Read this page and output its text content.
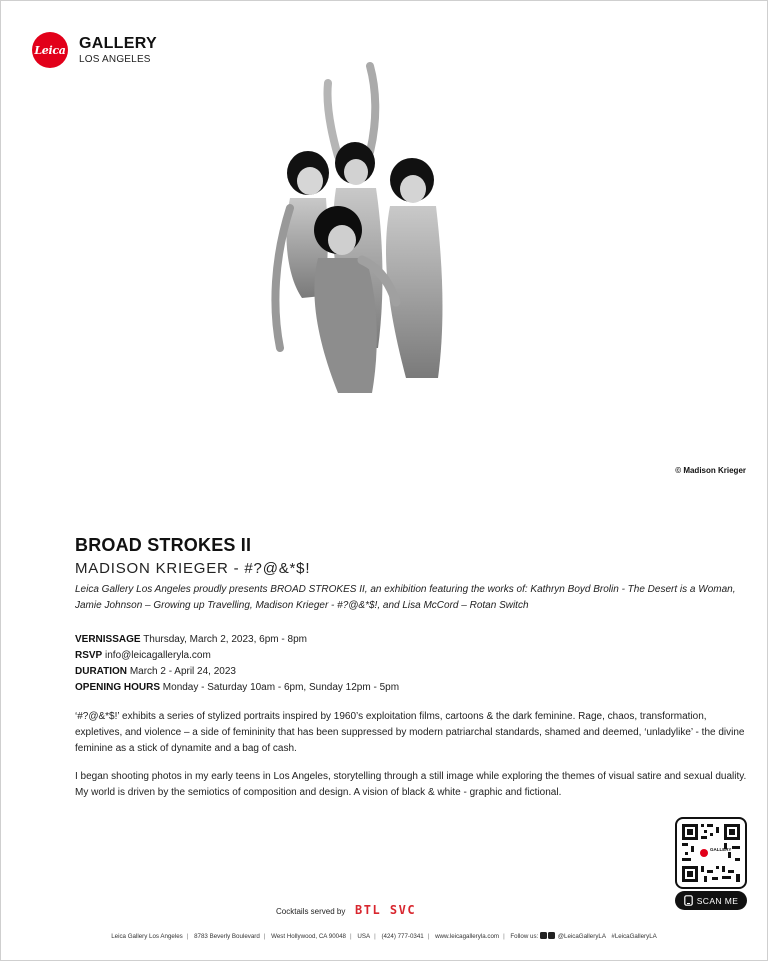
Leica GALLERY
LOS ANGELES
© Madison Krieger
BROAD STROKES II
MADISON KRIEGER - #?@&*$!
Leica Gallery Los Angeles proudly presents BROAD STROKES II, an exhibition featuring the works of: Kathryn Boyd Brolin - The Desert is a Woman, Jamie Johnson – Growing up Travelling, Madison Krieger - #?@&*$!, and Lisa McCord – Rotan Switch
VERNISSAGE Thursday, March 2, 2023, 6pm - 8pm
RSVP info@leicagalleryla.com
DURATION March 2 - April 24, 2023
OPENING HOURS Monday - Saturday 10am - 6pm, Sunday 12pm - 5pm
‘#?@&*$!’ exhibits a series of stylized portraits inspired by 1960’s exploitation films, cartoons & the dark feminine. Rage, chaos, transformation, expletives, and violence – a side of femininity that has been suppressed by modern patriarchal standards, shamed and deemed, ‘unladylike’ - the divine feminine as a stick of dynamite and a bag of cash.
I began shooting photos in my early teens in Los Angeles, storytelling through a still image while exploring the themes of visual satire and sexual duality. My world is driven by the semiotics of composition and design. A vision of black & white - graphic and fictional.
GALLERY
SCAN ME
Cocktails served by BTL SVC
Leica Gallery Los Angeles | 8783 Beverly Boulevard | West Hollywood, CA 90048 | USA | (424) 777-0341 | www.leicagalleryla.com | Follow us:	@LeicaGalleryLA #LeicaGalleryLA
